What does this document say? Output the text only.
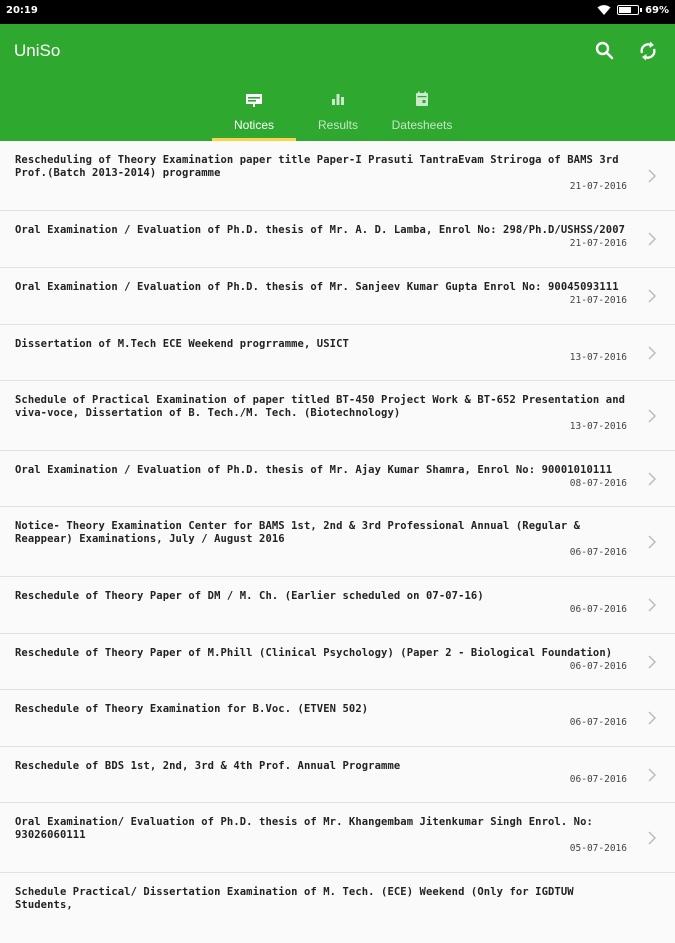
20:19	69%
UniSo
Notices	Results	Datesheets
Rescheduling of Theory Examination paper title Paper-I Prasuti TantraEvam Striroga of BAMS 3rd Prof.(Batch 2013-2014) programme
21-07-2016
Oral Examination / Evaluation of Ph.D. thesis of Mr. A. D. Lamba, Enrol No: 298/Ph.D/USHSS/2007
21-07-2016
Oral Examination / Evaluation of Ph.D. thesis of Mr. Sanjeev Kumar Gupta Enrol No: 90045093111
21-07-2016
Dissertation of M.Tech ECE Weekend progrramme, USICT
13-07-2016
Schedule of Practical Examination of paper titled BT-450 Project Work & BT-652 Presentation and viva-voce, Dissertation of B. Tech./M. Tech. (Biotechnology)
13-07-2016
Oral Examination / Evaluation of Ph.D. thesis of Mr. Ajay Kumar Shamra, Enrol No: 90001010111
08-07-2016
Notice- Theory Examination Center for BAMS 1st, 2nd & 3rd Professional Annual (Regular & Reappear) Examinations, July / August 2016
06-07-2016
Reschedule of Theory Paper of DM / M. Ch. (Earlier scheduled on 07-07-16)
06-07-2016
Reschedule of Theory Paper of M.Phill (Clinical Psychology) (Paper 2 - Biological Foundation)
06-07-2016
Reschedule of Theory Examination for B.Voc. (ETVEN 502)
06-07-2016
Reschedule of BDS 1st, 2nd, 3rd & 4th Prof. Annual Programme
06-07-2016
Oral Examination/ Evaluation of Ph.D. thesis of Mr. Khangembam Jitenkumar Singh Enrol. No: 93026060111
05-07-2016
Schedule Practical/ Dissertation Examination of M. Tech. (ECE) Weekend (Only for IGDTUW Students,
